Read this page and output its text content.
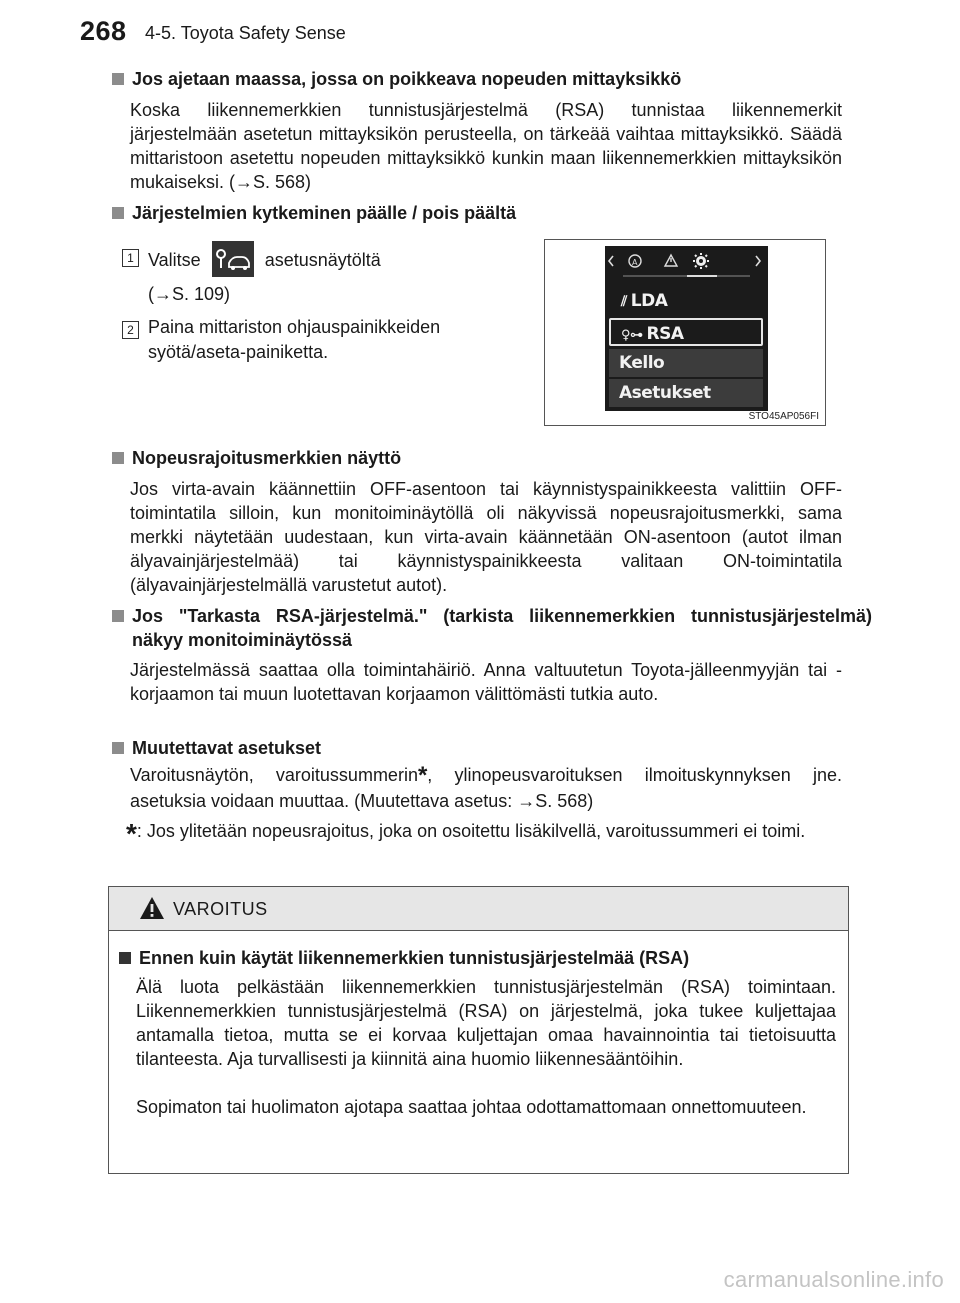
268 4-5. Toyota Safety Sense
Jos ajetaan maassa, jossa on poikkeava nopeuden mittayksikkö
Koska liikennemerkkien tunnistusjärjestelmä (RSA) tunnistaa liikennemerkit järjestelmään asetetun mittayksikön perusteella, on tärkeää vaihtaa mittayksikkö. Säädä mittaristoon asetettu nopeuden mittayksikkö kunkin maan liikennemerkkien mittayksikön mukaiseksi. (→S. 568)
Järjestelmien kytkeminen päälle / pois päältä
1 Valitse	asetusnäytöltä
(→S. 109)
2 Paina mittariston ohjauspainikkeiden syötä/aseta-painiketta.
A
⫽ LDA
♀⊶ RSA
Kello
Asetukset
STO45AP056FI
Nopeusrajoitusmerkkien näyttö
Jos virta-avain käännettiin OFF-asentoon tai käynnistyspainikkeesta valittiin OFF-toimintatila silloin, kun monitoiminäytöllä oli näkyvissä nopeusrajoitusmerkki, sama merkki näytetään uudestaan, kun virta-avain käännetään ON-asentoon (autot ilman älyavainjärjestelmää) tai käynnistyspainikkeesta valitaan ON-toimintatila (älyavainjärjestelmällä varustetut autot).
Jos "Tarkasta RSA-järjestelmä." (tarkista liikennemerkkien tunnistusjärjestelmä) näkyy monitoiminäytössä
Järjestelmässä saattaa olla toimintahäiriö. Anna valtuutetun Toyota-jälleenmyyjän tai -korjaamon tai muun luotettavan korjaamon välittömästi tutkia auto.
Muutettavat asetukset
Varoitusnäytön, varoitussummerin*, ylinopeusvaroituksen ilmoituskynnyksen jne. asetuksia voidaan muuttaa. (Muutettava asetus: →S. 568)
*: Jos ylitetään nopeusrajoitus, joka on osoitettu lisäkilvellä, varoitussummeri ei toimi.
VAROITUS
Ennen kuin käytät liikennemerkkien tunnistusjärjestelmää (RSA)
Älä luota pelkästään liikennemerkkien tunnistusjärjestelmän (RSA) toimintaan. Liikennemerkkien tunnistusjärjestelmä (RSA) on järjestelmä, joka tukee kuljettajaa antamalla tietoa, mutta se ei korvaa kuljettajan omaa havainnointia tai tietoisuutta tilanteesta. Aja turvallisesti ja kiinnitä aina huomio liikennesääntöihin.
Sopimaton tai huolimaton ajotapa saattaa johtaa odottamattomaan onnettomuuteen.
carmanualsonline.info
